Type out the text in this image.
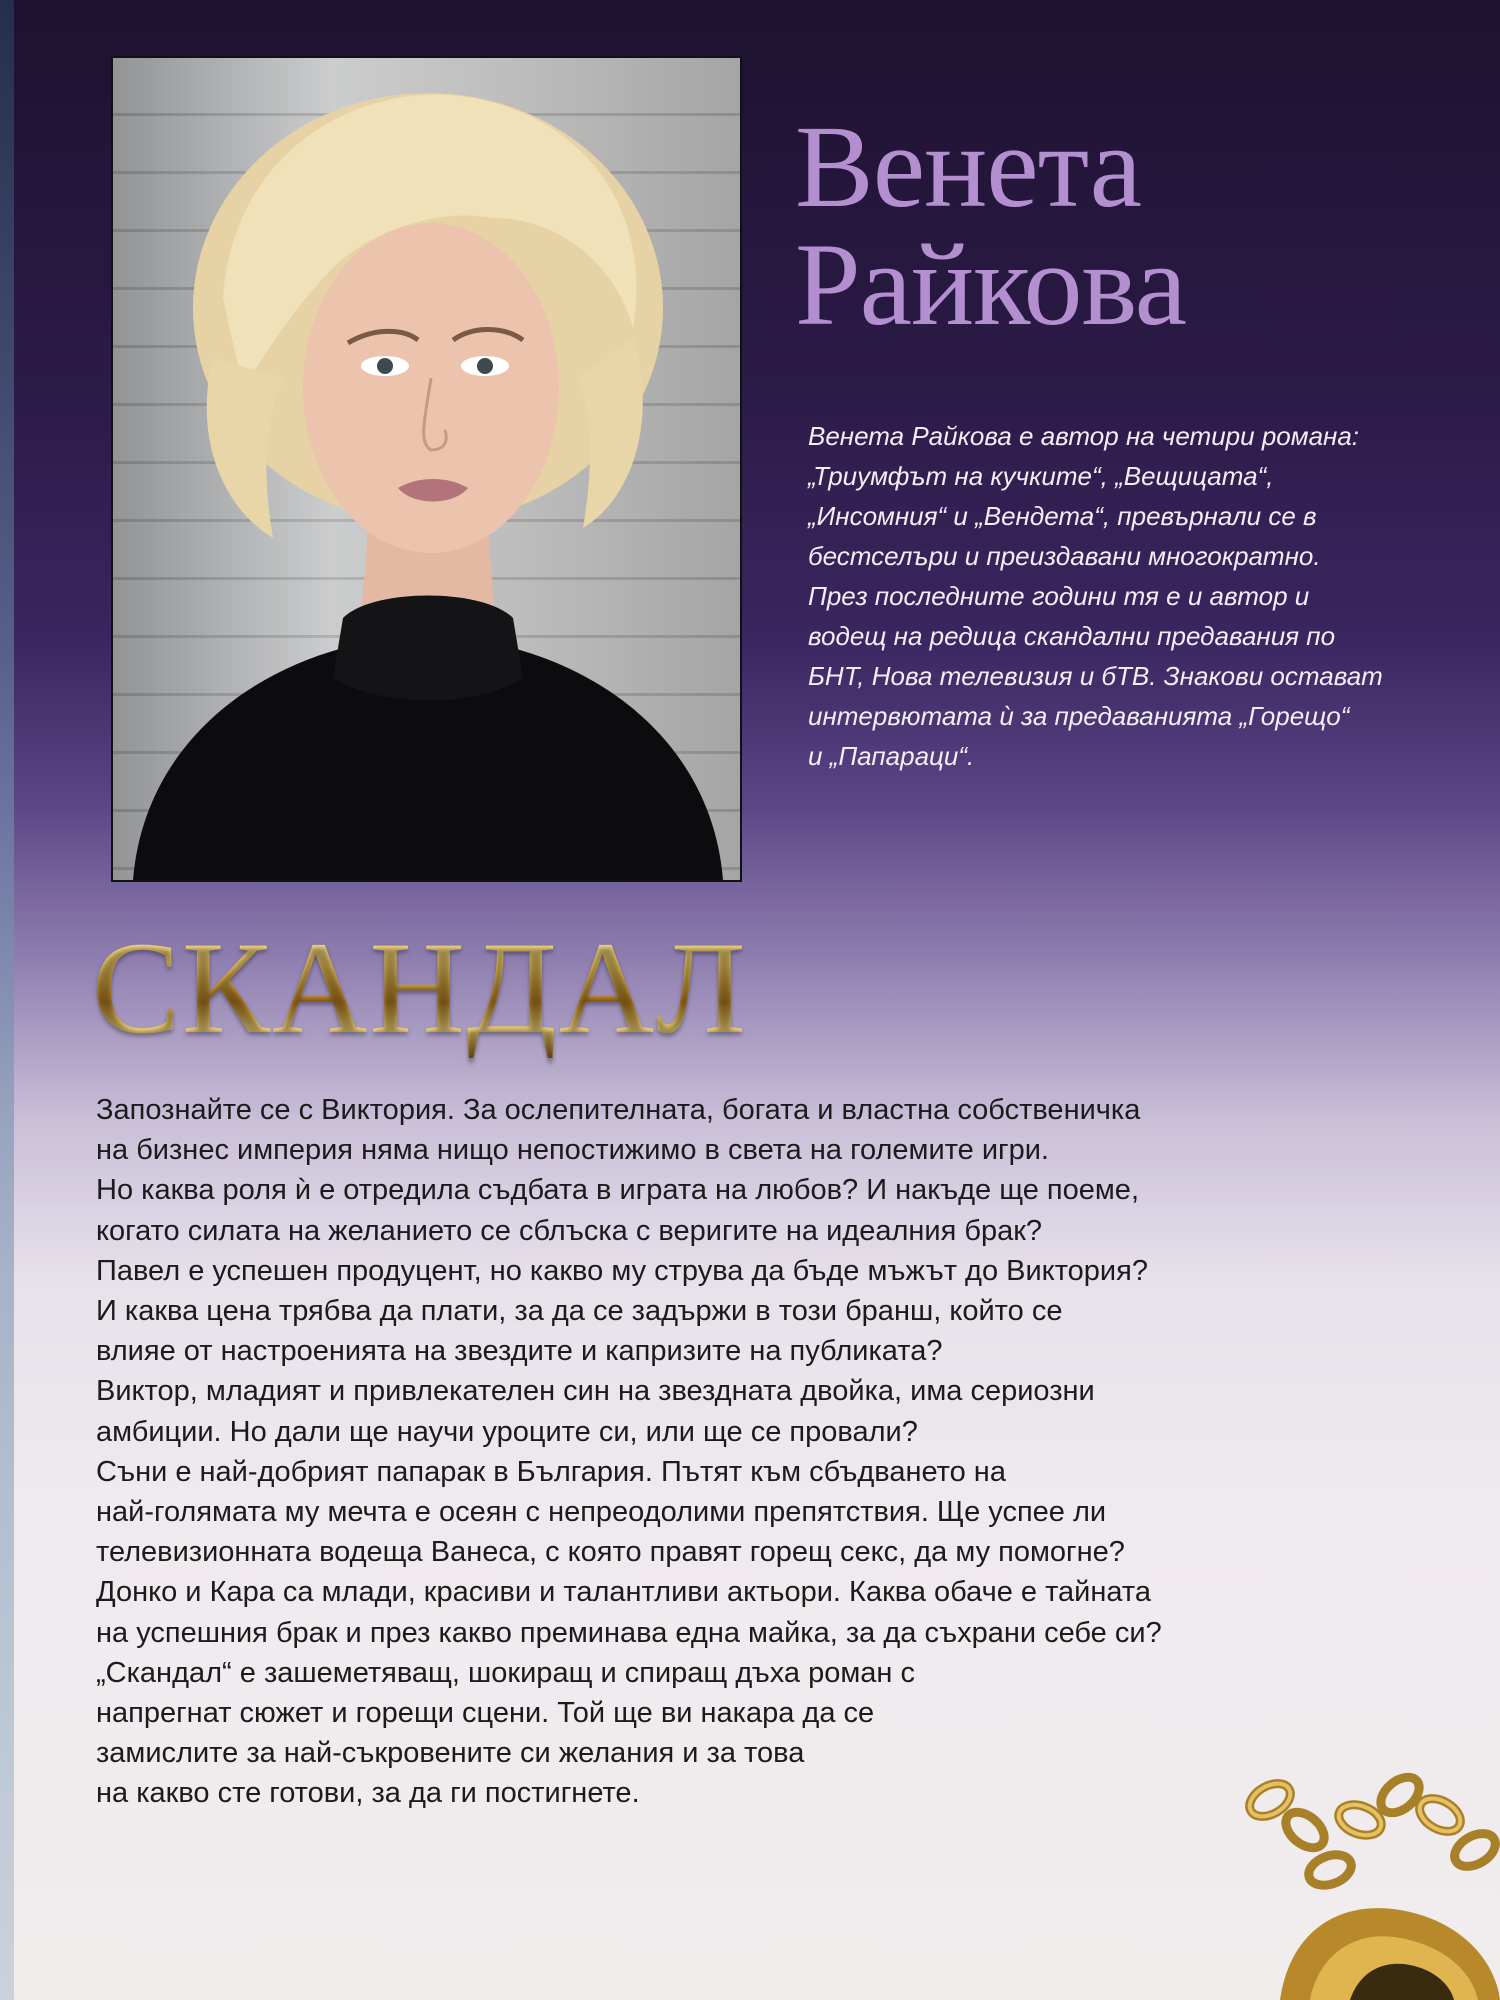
Венета
Райкова

Венета Райкова е автор на четири романа:
„Триумфът на кучките“, „Вещицата“,
„Инсомния“ и „Вендета“, превърнали се в
бестселъри и преиздавани многократно.
През последните години тя е и автор и
водещ на редица скандални предавания по
БНТ, Нова телевизия и бТВ. Знакови остават
интервютата ѝ за предаванията „Горещо“
и „Папараци“.

СКАНДАЛ

Запознайте се с Виктория. За ослепителната, богата и властна собственичка
на бизнес империя няма нищо непостижимо в света на големите игри.
Но каква роля ѝ е отредила съдбата в играта на любов? И накъде ще поеме,
когато силата на желанието се сблъска с веригите на идеалния брак?
Павел е успешен продуцент, но какво му струва да бъде мъжът до Виктория?
И каква цена трябва да плати, за да се задържи в този бранш, който се
влияе от настроенията на звездите и капризите на публиката?
Виктор, младият и привлекателен син на звездната двойка, има сериозни
амбиции. Но дали ще научи уроците си, или ще се провали?
Съни е най-добрият папарак в България. Пътят към сбъдването на
най-голямата му мечта е осеян с непреодолими препятствия. Ще успее ли
телевизионната водеща Ванеса, с която правят горещ секс, да му помогне?
Донко и Кара са млади, красиви и талантливи актьори. Каква обаче е тайната
на успешния брак и през какво преминава една майка, за да съхрани себе си?
„Скандал“ е зашеметяващ, шокиращ и спиращ дъха роман с
напрегнат сюжет и горещи сцени. Той ще ви накара да се
замислите за най-съкровените си желания и за това
на какво сте готови, за да ги постигнете.
